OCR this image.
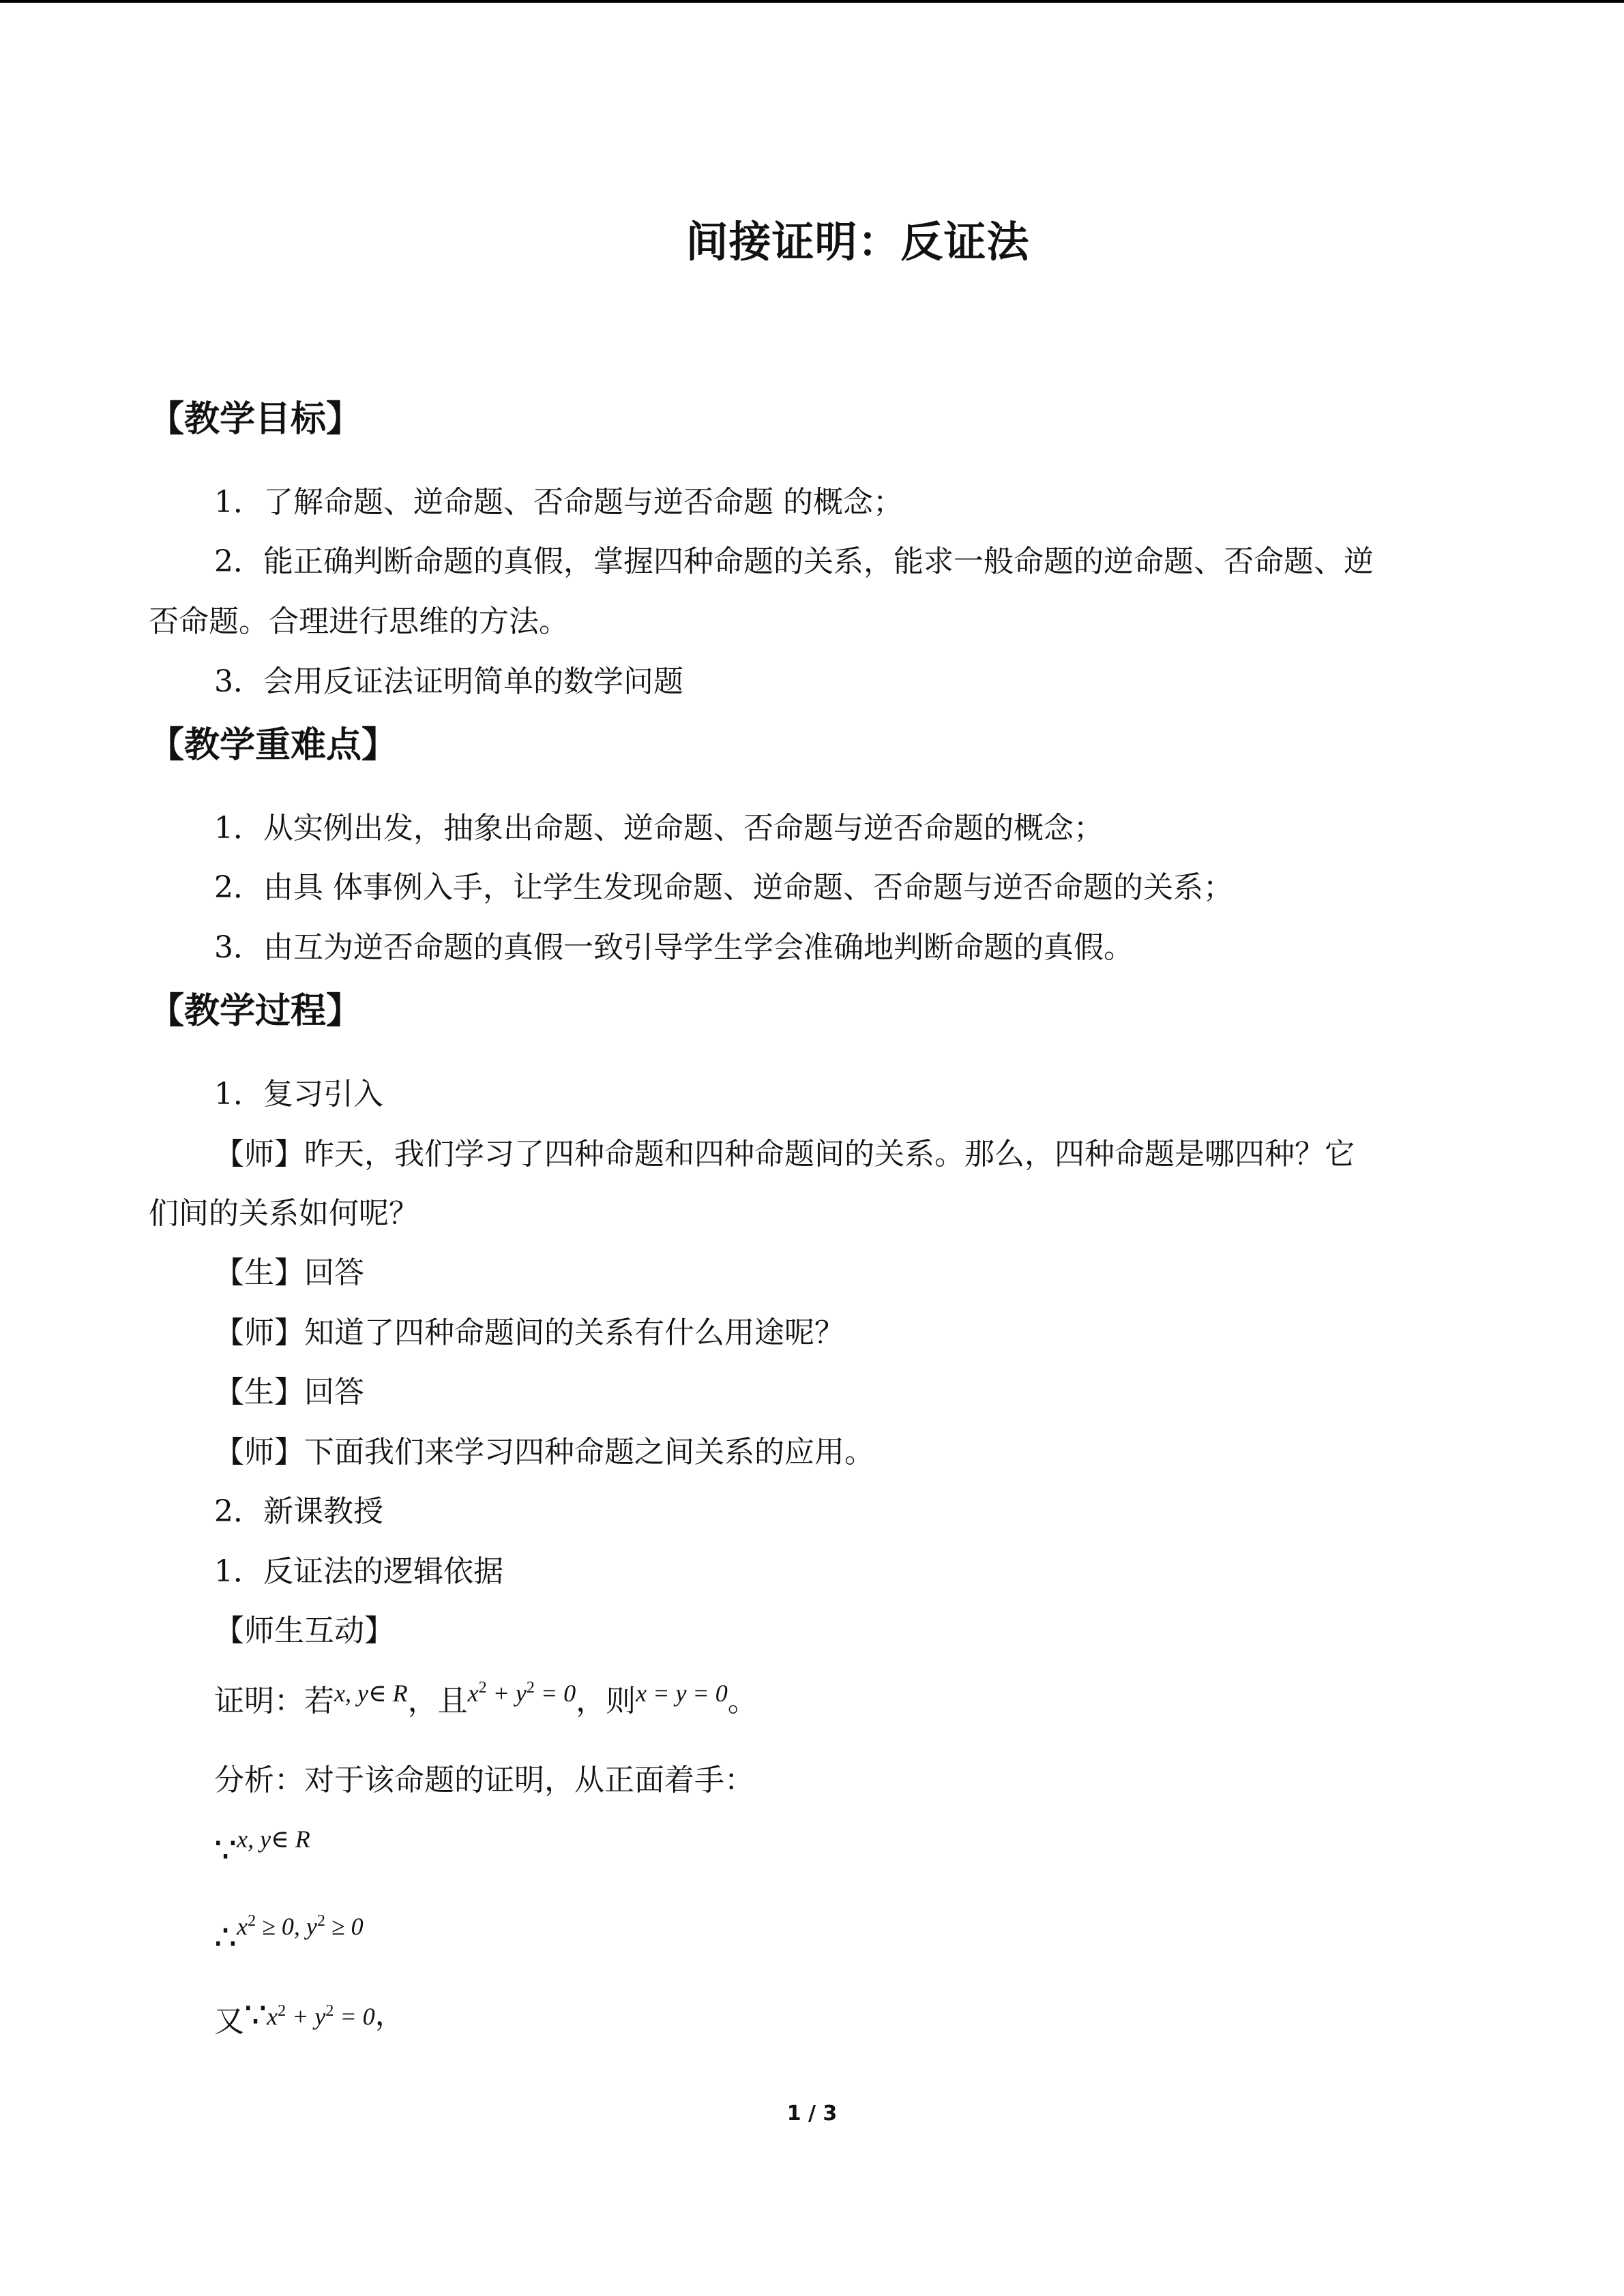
间接证明：反证法
【教学目标】
1．了解命题、逆命题、否命题与逆否命题 的概念；
2．能正确判断命题的真假，掌握四种命题的关系，能求一般命题的逆命题、否命题、逆
否命题。合理进行思维的方法。
3．会用反证法证明简单的数学问题
【教学重难点】
1．从实例出发，抽象出命题、逆命题、否命题与逆否命题的概念；
2．由具 体事例入手，让学生发现命题、逆命题、否命题与逆否命题的关系；
3．由互为逆否命题的真假一致引导学生学会准确地判断命题的真假。
【教学过程】
1．复习引入
【师】昨天，我们学习了四种命题和四种命题间的关系。那么，四种命题是哪四种？它
们间的关系如何呢？
【生】回答
【师】知道了四种命题间的关系有什么用途呢？
【生】回答
【师】下面我们来学习四种命题之间关系的应用。
2．新课教授
1．反证法的逻辑依据
【师生互动】
证明：若$^{x, y\in R}$，且$^{x^2 + y^2 = 0}$，则$^{x = y = 0}$。
分析：对于该命题的证明，从正面着手：
∵x, y∈ R
$\therefore x^2 \ge 0$, $y^2 \ge 0$
又$\because x^2 + y^2 = 0$，
1 / 3
